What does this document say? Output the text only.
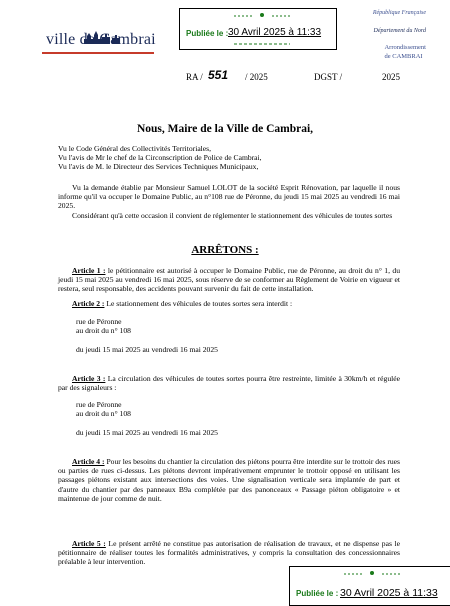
ville de Cambrai	Publiée le : 30 Avril 2025 à 11:33
République Française
Département du Nord
Arrondissement
de CAMBRAI
RA / 551 / 2025	DGST /	2025
Nous, Maire de la Ville de Cambrai,
Vu le Code Général des Collectivités Territoriales,
Vu l'avis de Mr le chef de la Circonscription de Police de Cambrai,
Vu l'avis de M. le Directeur des Services Techniques Municipaux,
Vu la demande établie par Monsieur Samuel LOLOT de la société Esprit Rénovation, par laquelle il nous informe qu'il va occuper le Domaine Public, au n°108 rue de Péronne, du jeudi 15 mai 2025 au vendredi 16 mai 2025.
Considérant qu'à cette occasion il convient de réglementer le stationnement des véhicules de toutes sortes
ARRÊTONS :
Article 1 : le pétitionnaire est autorisé à occuper le Domaine Public, rue de Péronne, au droit du n° 1, du jeudi 15 mai 2025 au vendredi 16 mai 2025, sous réserve de se conformer au Règlement de Voirie en vigueur et restera, seul responsable, des accidents pouvant survenir du fait de cette installation.
Article 2 : Le stationnement des véhicules de toutes sortes sera interdit :
rue de Péronne
au droit du n° 108
du jeudi 15 mai 2025 au vendredi 16 mai 2025
Article 3 : La circulation des véhicules de toutes sortes pourra être restreinte, limitée à 30km/h et régulée par des signaleurs :
rue de Péronne
au droit du n° 108
du jeudi 15 mai 2025 au vendredi 16 mai 2025
Article 4 : Pour les besoins du chantier la circulation des piétons pourra être interdite sur le trottoir des rues ou parties de rues ci-dessus. Les piétons devront impérativement emprunter le trottoir opposé en utilisant les passages piétons existant aux intersections des voies. Une signalisation verticale sera implantée de part et d'autre du chantier par des panneaux B9a complétée par des panonceaux « Passage piéton obligatoire » et maintenue de jour comme de nuit.
Article 5 : Le présent arrêté ne constitue pas autorisation de réalisation de travaux, et ne dispense pas le pétitionnaire de réaliser toutes les formalités administratives, y compris la consultation des concessionnaires préalable à leur intervention.
Publiée le : 30 Avril 2025 à 11:33
